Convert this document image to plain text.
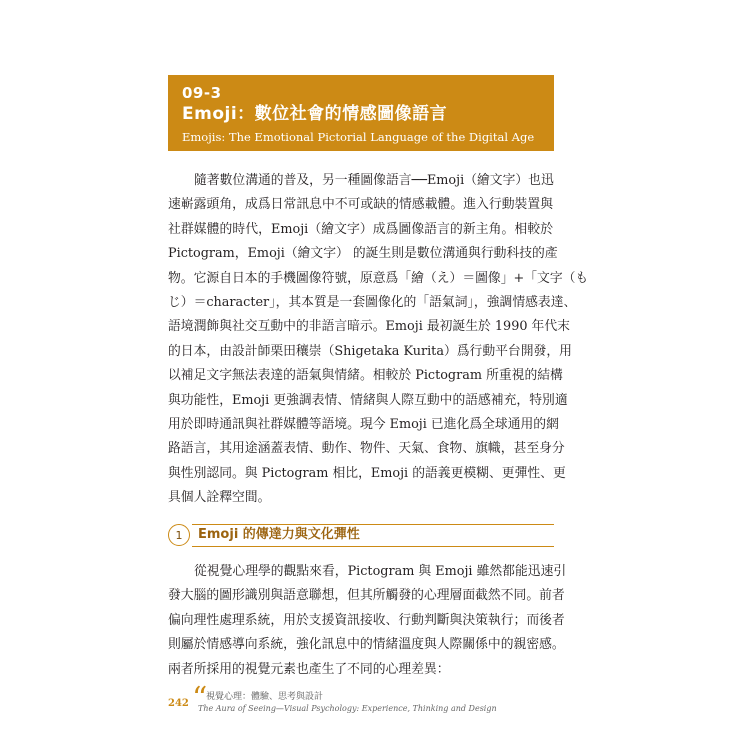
09-3
Emoji：數位社會的情感圖像語言
Emojis: The Emotional Pictorial Language of the Digital Age
隨著數位溝通的普及，另一種圖像語言──Emoji（繪文字）也迅
速嶄露頭角，成爲日常訊息中不可或缺的情感載體。進入行動裝置與
社群媒體的時代，Emoji（繪文字）成爲圖像語言的新主角。相較於
Pictogram，Emoji（繪文字） 的誕生則是數位溝通與行動科技的產
物。它源自日本的手機圖像符號，原意爲「繪（え）＝圖像」+「文字（も
じ）＝character」，其本質是一套圖像化的「語氣詞」，強調情感表達、
語境潤飾與社交互動中的非語言暗示。Emoji 最初誕生於 1990 年代末
的日本，由設計師栗田穰崇（Shigetaka Kurita）爲行動平台開發，用
以補足文字無法表達的語氣與情緒。相較於 Pictogram 所重視的結構
與功能性，Emoji 更強調表情、情緒與人際互動中的語感補充，特別適
用於即時通訊與社群媒體等語境。現今 Emoji 已進化爲全球通用的網
路語言，其用途涵蓋表情、動作、物件、天氣、食物、旗幟，甚至身分
與性別認同。與 Pictogram 相比，Emoji 的語義更模糊、更彈性、更
具個人詮釋空間。
1	Emoji 的傳達力與文化彈性
從視覺心理學的觀點來看，Pictogram 與 Emoji 雖然都能迅速引
發大腦的圖形識別與語意聯想，但其所觸發的心理層面截然不同。前者
偏向理性處理系統，用於支援資訊接收、行動判斷與決策執行；而後者
則屬於情感導向系統，強化訊息中的情緒溫度與人際關係中的親密感。
兩者所採用的視覺元素也產生了不同的心理差異：
242 “
視覺心理：體驗、思考與設計
The Aura of Seeing—Visual Psychology: Experience, Thinking and Design
